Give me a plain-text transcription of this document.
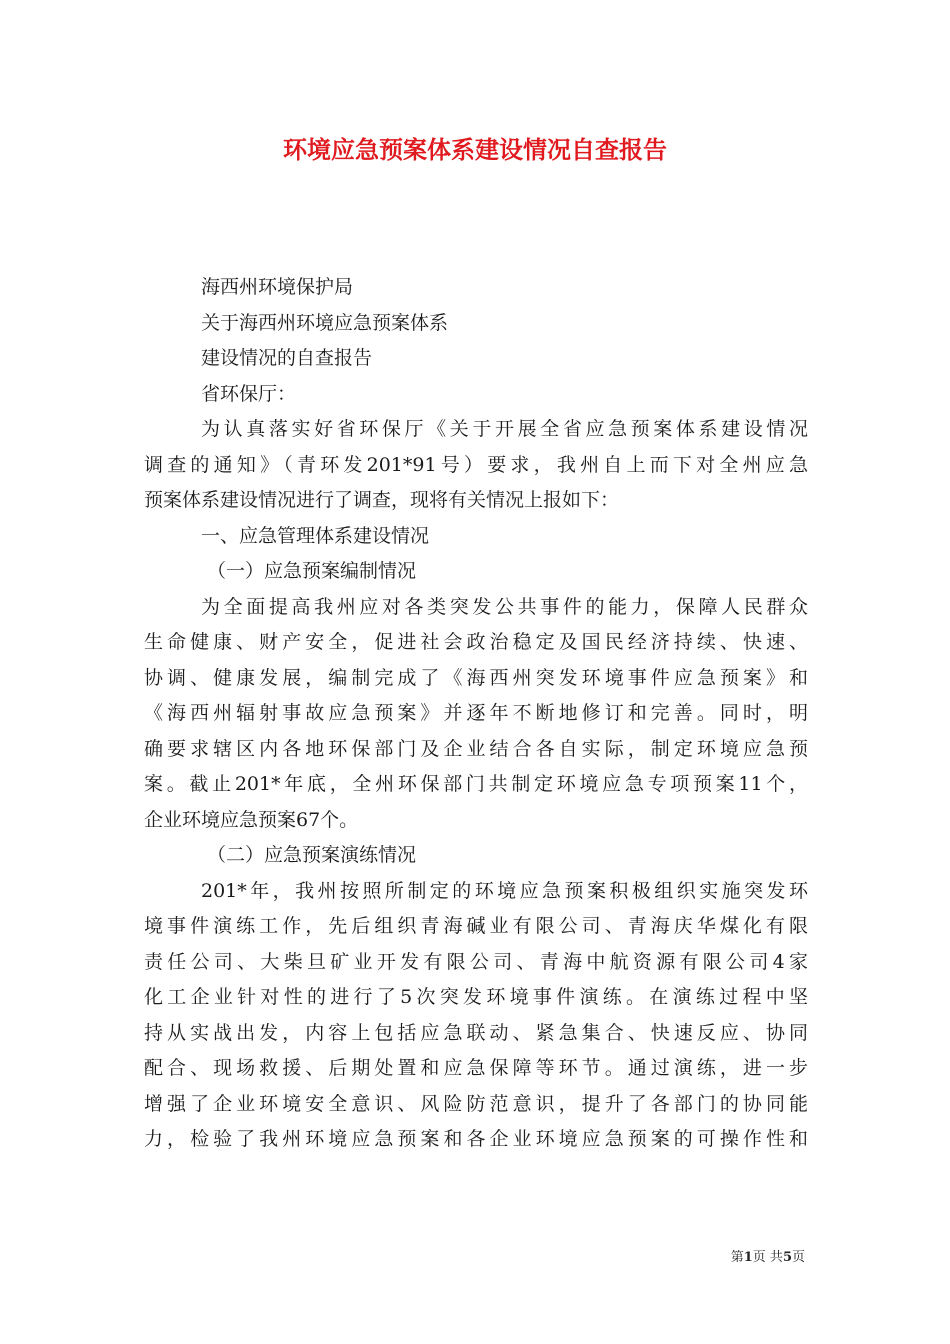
环境应急预案体系建设情况自查报告

海西州环境保护局

关于海西州环境应急预案体系

建设情况的自查报告

省环保厅：

为认真落实好省环保厅《关于开展全省应急预案体系建设情况

调查的通知》（青环发201*91号）要求，我州自上而下对全州应急

预案体系建设情况进行了调查，现将有关情况上报如下：

一、应急管理体系建设情况

（一）应急预案编制情况

为全面提高我州应对各类突发公共事件的能力，保障人民群众

生命健康、财产安全，促进社会政治稳定及国民经济持续、快速、

协调、健康发展，编制完成了《海西州突发环境事件应急预案》和

《海西州辐射事故应急预案》并逐年不断地修订和完善。同时，明

确要求辖区内各地环保部门及企业结合各自实际，制定环境应急预

案。截止201*年底，全州环保部门共制定环境应急专项预案11个，

企业环境应急预案67个。

（二）应急预案演练情况

201*年，我州按照所制定的环境应急预案积极组织实施突发环

境事件演练工作，先后组织青海碱业有限公司、青海庆华煤化有限

责任公司、大柴旦矿业开发有限公司、青海中航资源有限公司4家

化工企业针对性的进行了5次突发环境事件演练。在演练过程中坚

持从实战出发，内容上包括应急联动、紧急集合、快速反应、协同

配合、现场救援、后期处置和应急保障等环节。通过演练，进一步

增强了企业环境安全意识、风险防范意识，提升了各部门的协同能

力，检验了我州环境应急预案和各企业环境应急预案的可操作性和

第1页 共5页
